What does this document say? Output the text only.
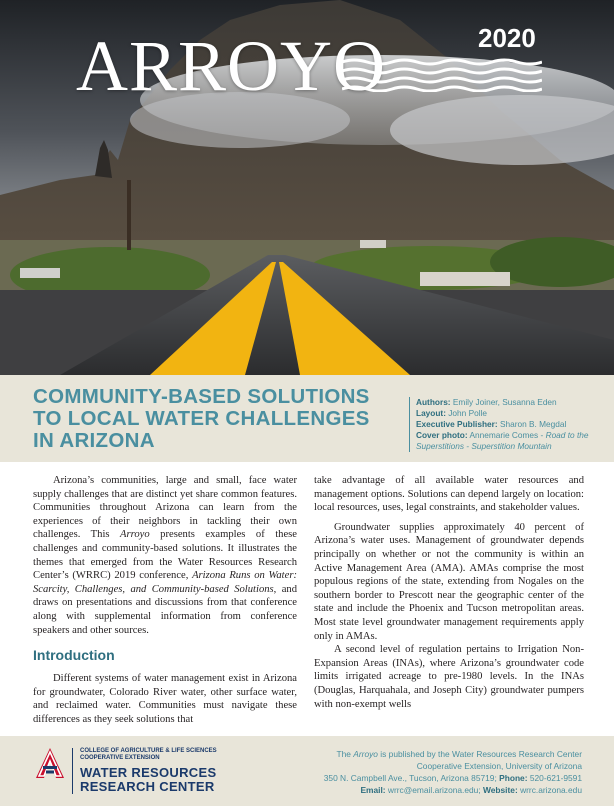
ARROYO	2020
COMMUNITY-BASED SOLUTIONS TO LOCAL WATER CHALLENGES IN ARIZONA
Authors: Emily Joiner, Susanna Eden
Layout: John Polle
Executive Publisher: Sharon B. Megdal
Cover photo: Annemarie Comes - Road to the Superstitions - Superstition Mountain

Arizona’s communities, large and small, face water supply challenges that are distinct yet share common features. Communities throughout Arizona can learn from the experiences of their neighbors in tackling their own challenges. This Arroyo presents examples of these challenges and community-based solutions. It illustrates the themes that emerged from the Water Resources Research Center’s (WRRC) 2019 conference, Arizona Runs on Water: Scarcity, Challenges, and Community-based Solutions, and draws on presentations and discussions from that conference along with supplemental information from conference speakers and other sources.

Introduction

Different systems of water management exist in Arizona for groundwater, Colorado River water, other surface water, and reclaimed water. Communities must navigate these differences as they seek solutions that

take advantage of all available water resources and management options. Solutions can depend largely on location: local resources, uses, legal constraints, and stakeholder values.

Groundwater supplies approximately 40 percent of Arizona’s water uses. Management of groundwater depends principally on whether or not the community is within an Active Management Area (AMA). AMAs comprise the most populous regions of the state, extending from Nogales on the southern border to Prescott near the geographic center of the state and include the Phoenix and Tucson metropolitan areas. Most state level groundwater management requirements apply only in AMAs.

A second level of regulation pertains to Irrigation Non-Expansion Areas (INAs), where Arizona’s groundwater code limits irrigated acreage to pre-1980 levels. In the INAs (Douglas, Harquahala, and Joseph City) groundwater pumpers with non-exempt wells

COLLEGE OF AGRICULTURE & LIFE SCIENCES
COOPERATIVE EXTENSION
WATER RESOURCES
RESEARCH CENTER
The Arroyo is published by the Water Resources Research Center
Cooperative Extension, University of Arizona
350 N. Campbell Ave., Tucson, Arizona 85719; Phone: 520-621-9591
Email: wrrc@email.arizona.edu; Website: wrrc.arizona.edu
